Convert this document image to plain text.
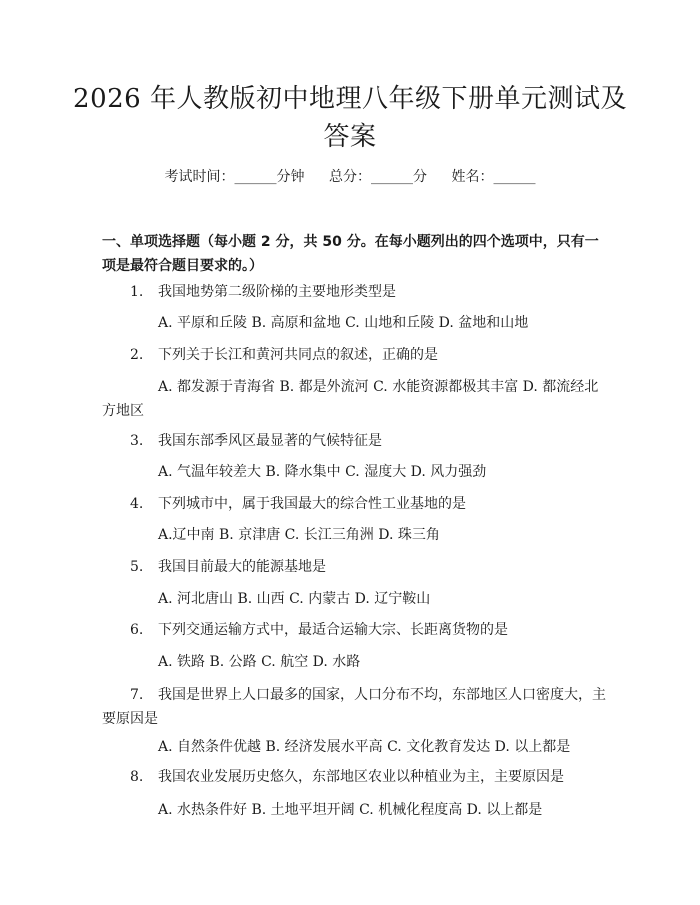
2026 年人教版初中地理八年级下册单元测试及答案
考试时间：______分钟 总分：______分 姓名：______
一、单项选择题（每小题 2 分，共 50 分。在每小题列出的四个选项中，只有一项是最符合题目要求的。）
1. 我国地势第二级阶梯的主要地形类型是
A. 平原和丘陵 B. 高原和盆地 C. 山地和丘陵 D. 盆地和山地
2. 下列关于长江和黄河共同点的叙述，正确的是
A. 都发源于青海省 B. 都是外流河 C. 水能资源都极其丰富 D. 都流经北方地区
3. 我国东部季风区最显著的气候特征是
A. 气温年较差大 B. 降水集中 C. 湿度大 D. 风力强劲
4. 下列城市中，属于我国最大的综合性工业基地的是
A.辽中南 B. 京津唐 C. 长江三角洲 D. 珠三角
5. 我国目前最大的能源基地是
A. 河北唐山 B. 山西 C. 内蒙古 D. 辽宁鞍山
6. 下列交通运输方式中，最适合运输大宗、长距离货物的是
A. 铁路 B. 公路 C. 航空 D. 水路
7. 我国是世界上人口最多的国家，人口分布不均，东部地区人口密度大，主要原因是
A. 自然条件优越 B. 经济发展水平高 C. 文化教育发达 D. 以上都是
8. 我国农业发展历史悠久，东部地区农业以种植业为主，主要原因是
A. 水热条件好 B. 土地平坦开阔 C. 机械化程度高 D. 以上都是
